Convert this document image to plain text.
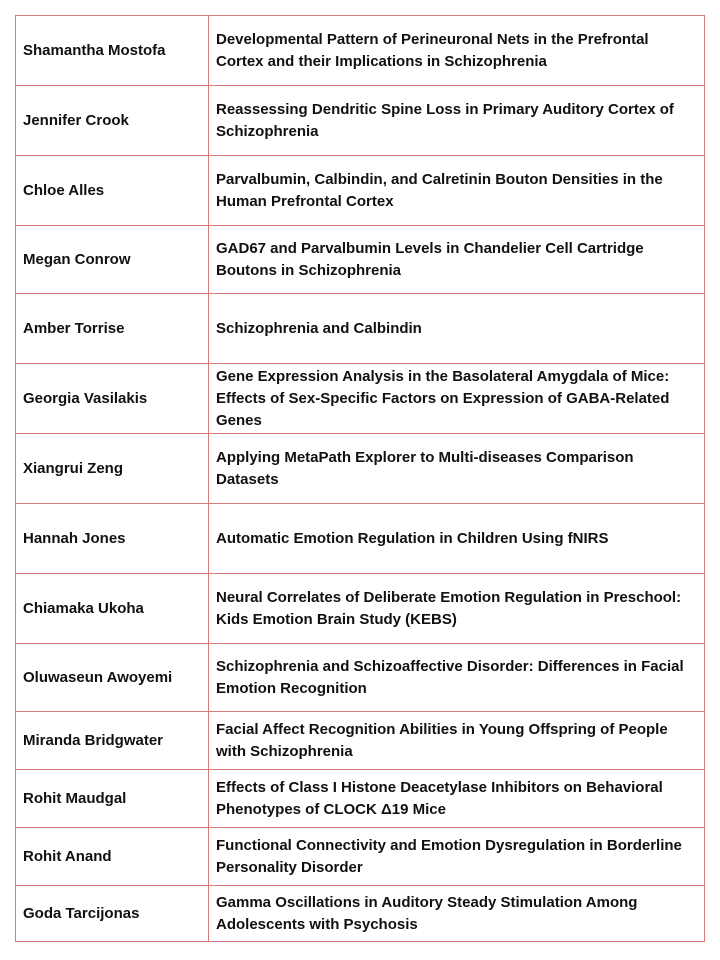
Shamantha Mostofa	Developmental Pattern of Perineuronal Nets in the Prefrontal Cortex and their Implications in Schizophrenia
Jennifer Crook	Reassessing Dendritic Spine Loss in Primary Auditory Cortex of Schizophrenia
Chloe Alles	Parvalbumin, Calbindin, and Calretinin Bouton Densities in the Human Prefrontal Cortex
Megan Conrow	GAD67 and Parvalbumin Levels in Chandelier Cell Cartridge Boutons in Schizophrenia
Amber Torrise	Schizophrenia and Calbindin
Georgia Vasilakis	Gene Expression Analysis in the Basolateral Amygdala of Mice: Effects of Sex-Specific Factors on Expression of GABA-Related Genes
Xiangrui Zeng	Applying MetaPath Explorer to Multi-diseases Comparison Datasets
Hannah Jones	Automatic Emotion Regulation in Children Using fNIRS
Chiamaka Ukoha	Neural Correlates of Deliberate Emotion Regulation in Preschool: Kids Emotion Brain Study (KEBS)
Oluwaseun Awoyemi	Schizophrenia and Schizoaffective Disorder: Differences in Facial Emotion Recognition
Miranda Bridgwater	Facial Affect Recognition Abilities in Young Offspring of People with Schizophrenia
Rohit Maudgal	Effects of Class I Histone Deacetylase Inhibitors on Behavioral Phenotypes of CLOCK Δ19 Mice
Rohit Anand	Functional Connectivity and Emotion Dysregulation in Borderline Personality Disorder
Goda Tarcijonas	Gamma Oscillations in Auditory Steady Stimulation Among Adolescents with Psychosis
